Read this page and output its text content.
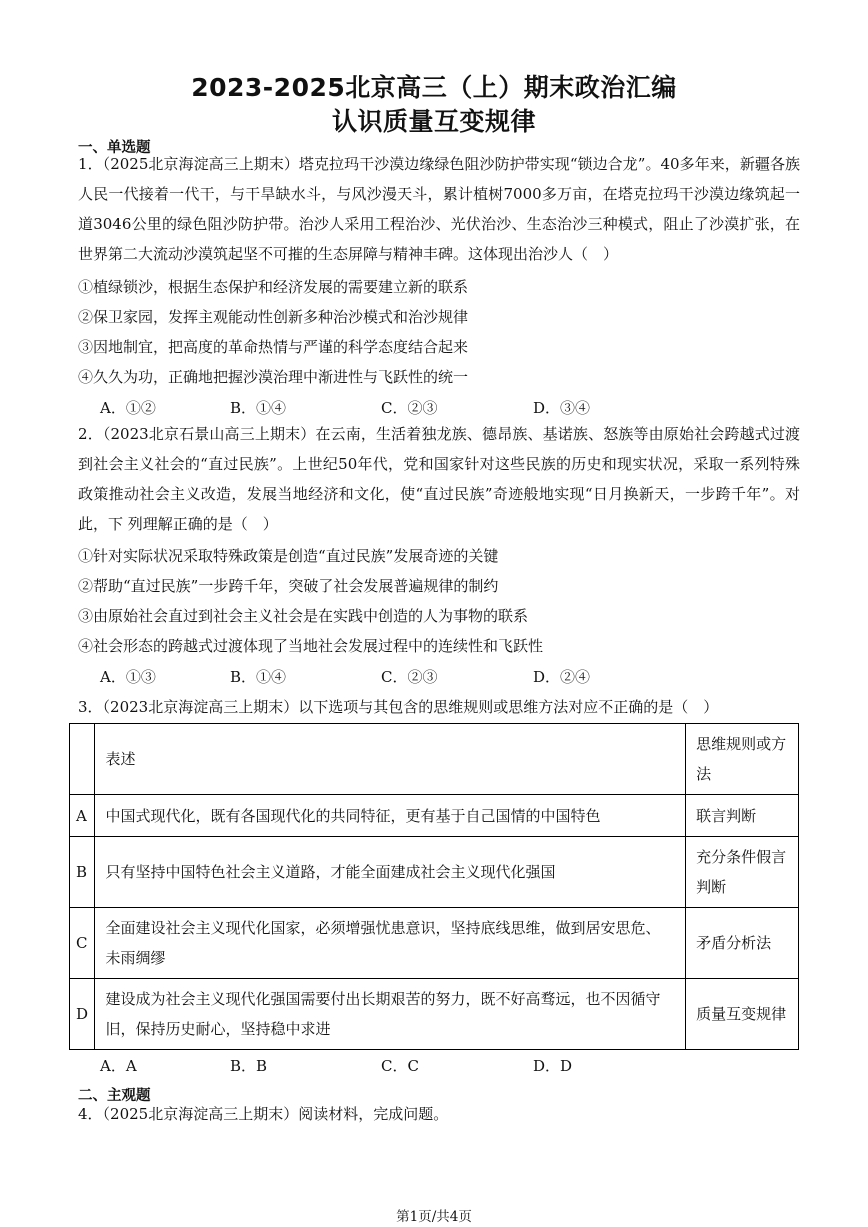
2023-2025北京高三（上）期末政治汇编
认识质量互变规律
一、单选题
1．（2025北京海淀高三上期末）塔克拉玛干沙漠边缘绿色阻沙防护带实现“锁边合龙”。40多年来，新疆各族人民一代接着一代干，与干旱缺水斗，与风沙漫天斗，累计植树7000多万亩，在塔克拉玛干沙漠边缘筑起一道3046公里的绿色阻沙防护带。治沙人采用工程治沙、光伏治沙、生态治沙三种模式，阻止了沙漠扩张，在世界第二大流动沙漠筑起坚不可摧的生态屏障与精神丰碑。这体现出治沙人（　）
①植绿锁沙，根据生态保护和经济发展的需要建立新的联系
②保卫家园，发挥主观能动性创新多种治沙模式和治沙规律
③因地制宜，把高度的革命热情与严谨的科学态度结合起来
④久久为功，正确地把握沙漠治理中渐进性与飞跃性的统一
A．①②	B．①④	C．②③	D．③④
2．（2023北京石景山高三上期末）在云南，生活着独龙族、德昂族、基诺族、怒族等由原始社会跨越式过渡到社会主义社会的“直过民族”。上世纪50年代，党和国家针对这些民族的历史和现实状况，采取一系列特殊政策推动社会主义改造，发展当地经济和文化，使“直过民族”奇迹般地实现“日月换新天，一步跨千年”。对此，下 列理解正确的是（　）
①针对实际状况采取特殊政策是创造“直过民族”发展奇迹的关键
②帮助“直过民族”一步跨千年，突破了社会发展普遍规律的制约
③由原始社会直过到社会主义社会是在实践中创造的人为事物的联系
④社会形态的跨越式过渡体现了当地社会发展过程中的连续性和飞跃性
A．①③	B．①④	C．②③	D．②④
3．（2023北京海淀高三上期末）以下选项与其包含的思维规则或思维方法对应不正确的是（　）
	表述	思维规则或方法
A	中国式现代化，既有各国现代化的共同特征，更有基于自己国情的中国特色	联言判断
B	只有坚持中国特色社会主义道路，才能全面建成社会主义现代化强国	充分条件假言判断
C	全面建设社会主义现代化国家，必须增强忧患意识，坚持底线思维，做到居安思危、未雨绸缪	矛盾分析法
D	建设成为社会主义现代化强国需要付出长期艰苦的努力，既不好高骛远，也不因循守旧，保持历史耐心，坚持稳中求进	质量互变规律
A．A	B．B	C．C	D．D
二、主观题
4．（2025北京海淀高三上期末）阅读材料，完成问题。
第1页/共4页
